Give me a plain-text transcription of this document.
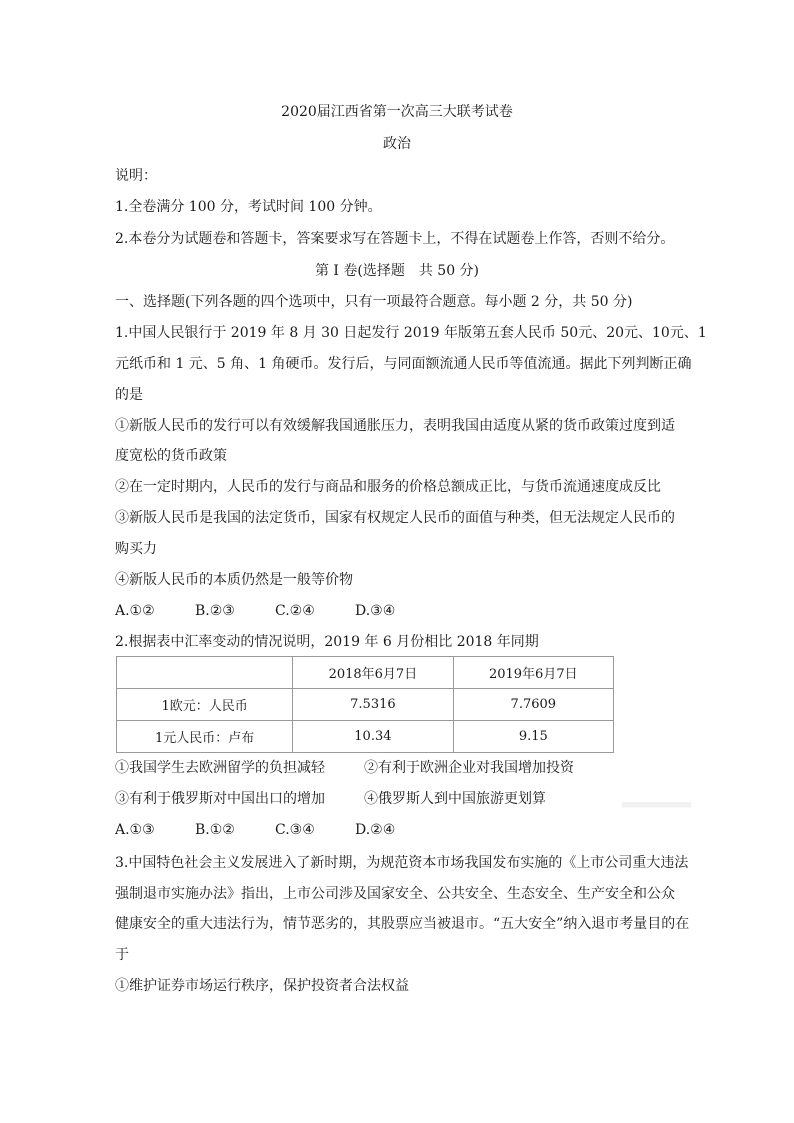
2020届江西省第一次高三大联考试卷
政治
说明：
1.全卷满分 100 分，考试时间 100 分钟。
2.本卷分为试题卷和答题卡，答案要求写在答题卡上，不得在试题卷上作答，否则不给分。
第 I 卷(选择题　共 50 分)
一、选择题(下列各题的四个选项中，只有一项最符合题意。每小题 2 分，共 50 分)
1.中国人民银行于 2019 年 8 月 30 日起发行 2019 年版第五套人民币 50元、20元、10元、1
元纸币和 1 元、5 角、1 角硬币。发行后，与同面额流通人民币等值流通。据此下列判断正确
的是
①新版人民币的发行可以有效缓解我国通胀压力，表明我国由适度从紧的货币政策过度到适
度宽松的货币政策
②在一定时期内，人民币的发行与商品和服务的价格总额成正比，与货币流通速度成反比
③新版人民币是我国的法定货币，国家有权规定人民币的面值与种类，但无法规定人民币的
购买力
④新版人民币的本质仍然是一般等价物
A.①②	B.②③	C.②④	D.③④
2.根据表中汇率变动的情况说明，2019 年 6 月份相比 2018 年同期
	2018年6月7日	2019年6月7日
1欧元：人民币	7.5316	7.7609
1元人民币：卢布	10.34	9.15
①我国学生去欧洲留学的负担减轻	②有利于欧洲企业对我国增加投资
▂▂▂▂▂
③有利于俄罗斯对中国出口的增加	④俄罗斯人到中国旅游更划算
A.①③	B.①②	C.③④	D.②④
3.中国特色社会主义发展进入了新时期，为规范资本市场我国发布实施的《上市公司重大违法
强制退市实施办法》指出，上市公司涉及国家安全、公共安全、生态安全、生产安全和公众
健康安全的重大违法行为，情节恶劣的，其股票应当被退市。“五大安全”纳入退市考量目的在
于
①维护证券市场运行秩序，保护投资者合法权益
